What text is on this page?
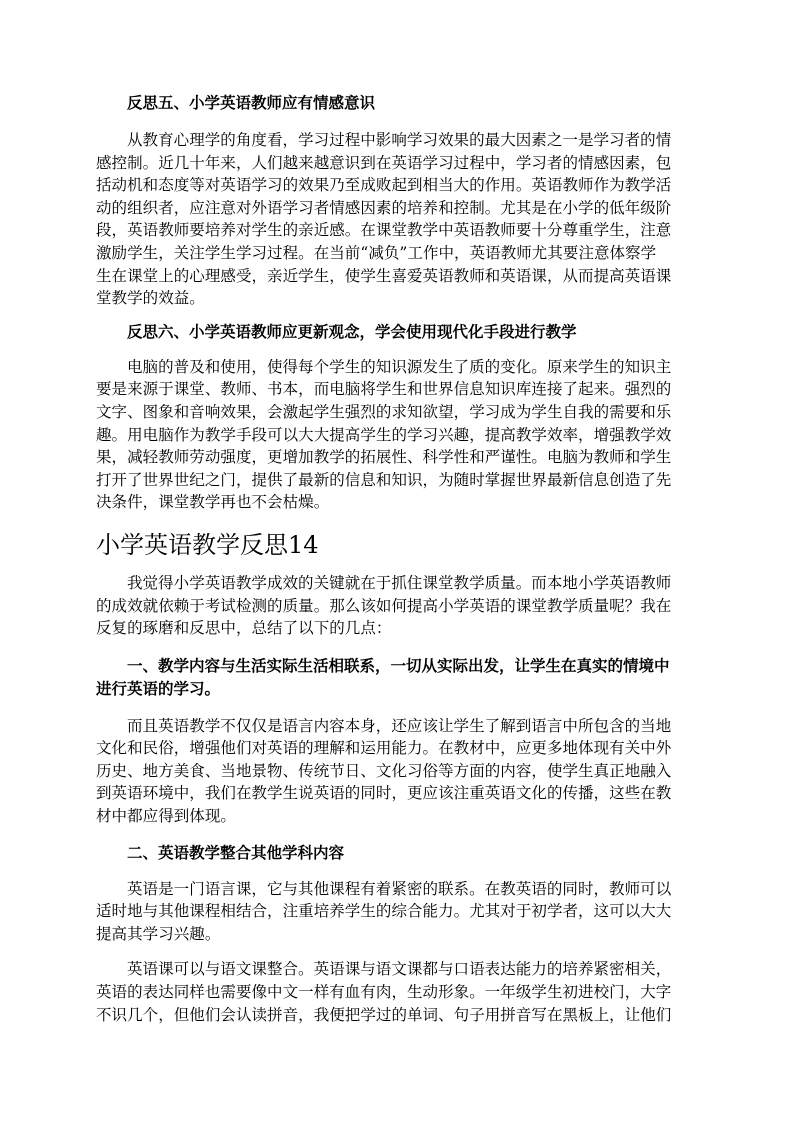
反思五、小学英语教师应有情感意识

从教育心理学的角度看，学习过程中影响学习效果的最大因素之一是学习者的情
感控制。近几十年来，人们越来越意识到在英语学习过程中，学习者的情感因素，包
括动机和态度等对英语学习的效果乃至成败起到相当大的作用。英语教师作为教学活
动的组织者，应注意对外语学习者情感因素的培养和控制。尤其是在小学的低年级阶
段，英语教师要培养对学生的亲近感。在课堂教学中英语教师要十分尊重学生，注意
激励学生，关注学生学习过程。在当前“减负”工作中，英语教师尤其要注意体察学
生在课堂上的心理感受，亲近学生，使学生喜爱英语教师和英语课，从而提高英语课
堂教学的效益。

反思六、小学英语教师应更新观念，学会使用现代化手段进行教学

电脑的普及和使用，使得每个学生的知识源发生了质的变化。原来学生的知识主
要是来源于课堂、教师、书本，而电脑将学生和世界信息知识库连接了起来。强烈的
文字、图象和音响效果，会激起学生强烈的求知欲望，学习成为学生自我的需要和乐
趣。用电脑作为教学手段可以大大提高学生的学习兴趣，提高教学效率，增强教学效
果，减轻教师劳动强度，更增加教学的拓展性、科学性和严谨性。电脑为教师和学生
打开了世界世纪之门，提供了最新的信息和知识，为随时掌握世界最新信息创造了先
决条件，课堂教学再也不会枯燥。
小学英语教学反思14
我觉得小学英语教学成效的关键就在于抓住课堂教学质量。而本地小学英语教师
的成效就依赖于考试检测的质量。那么该如何提高小学英语的课堂教学质量呢？我在
反复的琢磨和反思中，总结了以下的几点：
一、教学内容与生活实际生活相联系，一切从实际出发，让学生在真实的情境中
进行英语的学习。
而且英语教学不仅仅是语言内容本身，还应该让学生了解到语言中所包含的当地
文化和民俗，增强他们对英语的理解和运用能力。在教材中，应更多地体现有关中外
历史、地方美食、当地景物、传统节日、文化习俗等方面的内容，使学生真正地融入
到英语环境中，我们在教学生说英语的同时，更应该注重英语文化的传播，这些在教
材中都应得到体现。

二、英语教学整合其他学科内容

英语是一门语言课，它与其他课程有着紧密的联系。在教英语的同时，教师可以
适时地与其他课程相结合，注重培养学生的综合能力。尤其对于初学者，这可以大大
提高其学习兴趣。
英语课可以与语文课整合。英语课与语文课都与口语表达能力的培养紧密相关，
英语的表达同样也需要像中文一样有血有肉，生动形象。一年级学生初进校门，大字
不识几个，但他们会认读拼音，我便把学过的单词、句子用拼音写在黑板上，让他们
